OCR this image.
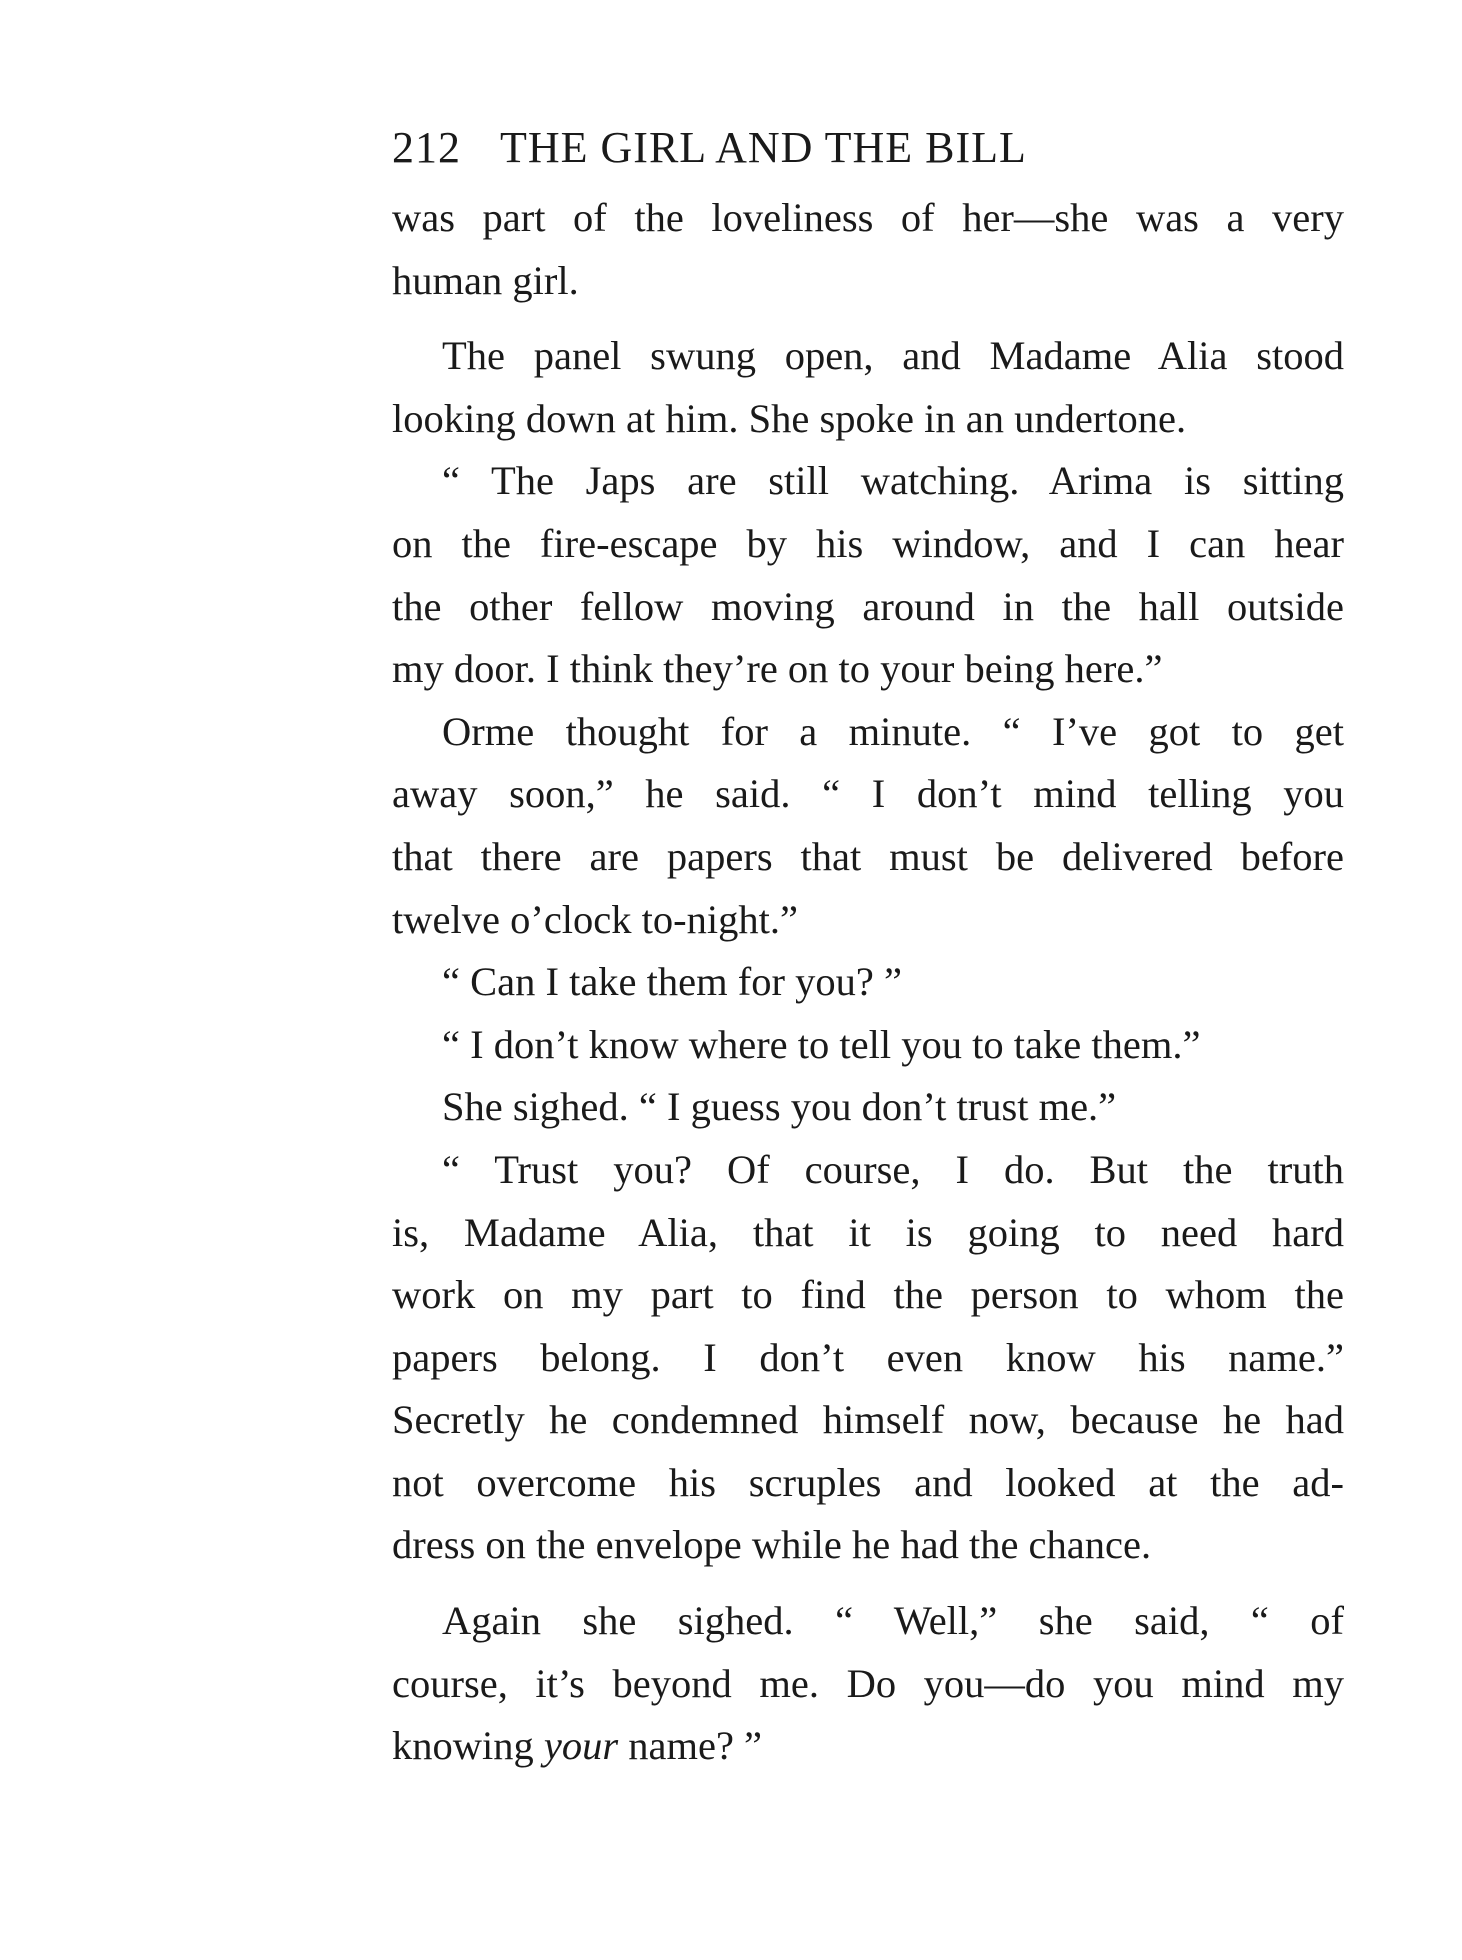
212 THE GIRL AND THE BILL
was part of the loveliness of her—she was a very
human girl.
The panel swung open, and Madame Alia stood
looking down at him. She spoke in an undertone.
“ The Japs are still watching. Arima is sitting
on the fire-escape by his window, and I can hear
the other fellow moving around in the hall outside
my door. I think they’re on to your being here.”
Orme thought for a minute. “ I’ve got to get
away soon,” he said. “ I don’t mind telling you
that there are papers that must be delivered before
twelve o’clock to-night.”
“ Can I take them for you? ”
“ I don’t know where to tell you to take them.”
She sighed. “ I guess you don’t trust me.”
“ Trust you? Of course, I do. But the truth
is, Madame Alia, that it is going to need hard
work on my part to find the person to whom the
papers belong. I don’t even know his name.”
Secretly he condemned himself now, because he had
not overcome his scruples and looked at the ad-
dress on the envelope while he had the chance.
Again she sighed. “ Well,” she said, “ of
course, it’s beyond me. Do you—do you mind my
knowing your name? ”
